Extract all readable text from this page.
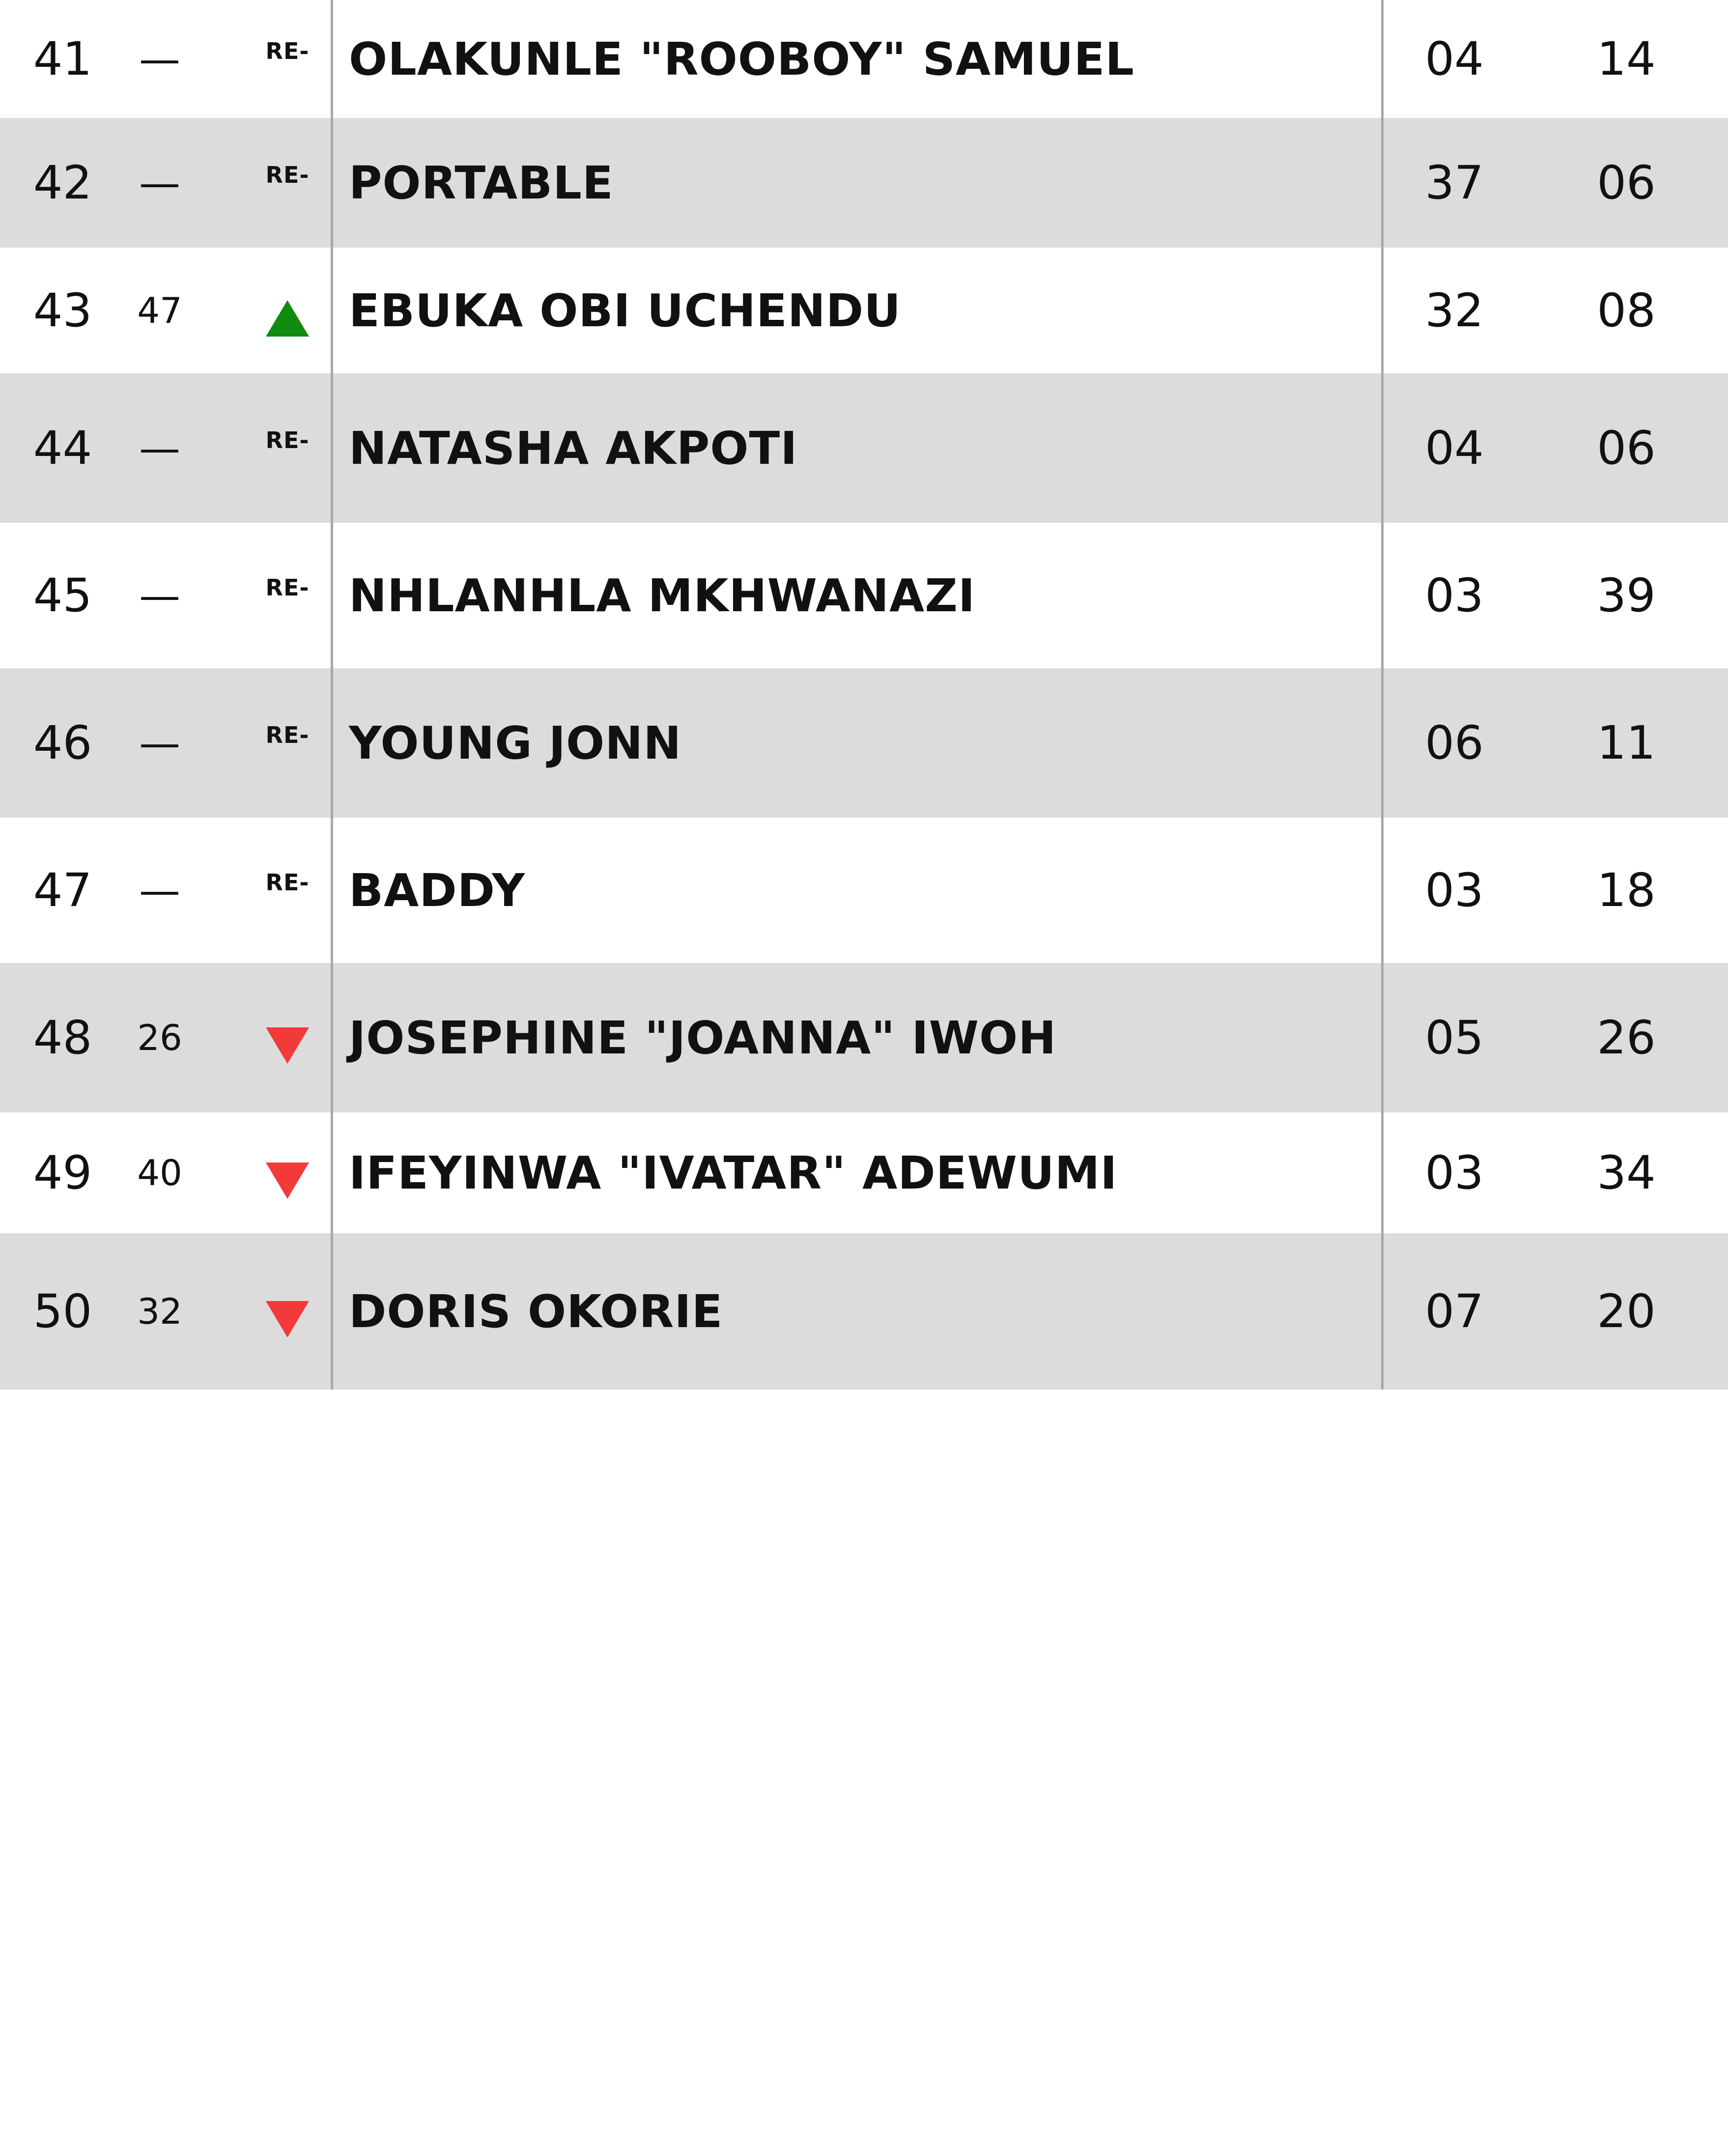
41	—	RE- OLAKUNLE "ROOBOY" SAMUEL	04	14
42	—	RE- PORTABLE	37	06
43	47	EBUKA OBI UCHENDU	32	08
44	—	RE- NATASHA AKPOTI	04	06
45	—	RE- NHLANHLA MKHWANAZI	03	39
46	—	RE- YOUNG JONN	06	11
47	—	RE- BADDY	03	18
48	26	JOSEPHINE "JOANNA" IWOH	05	26
49	40	IFEYINWA "IVATAR" ADEWUMI	03	34
50	32	DORIS OKORIE	07	20
